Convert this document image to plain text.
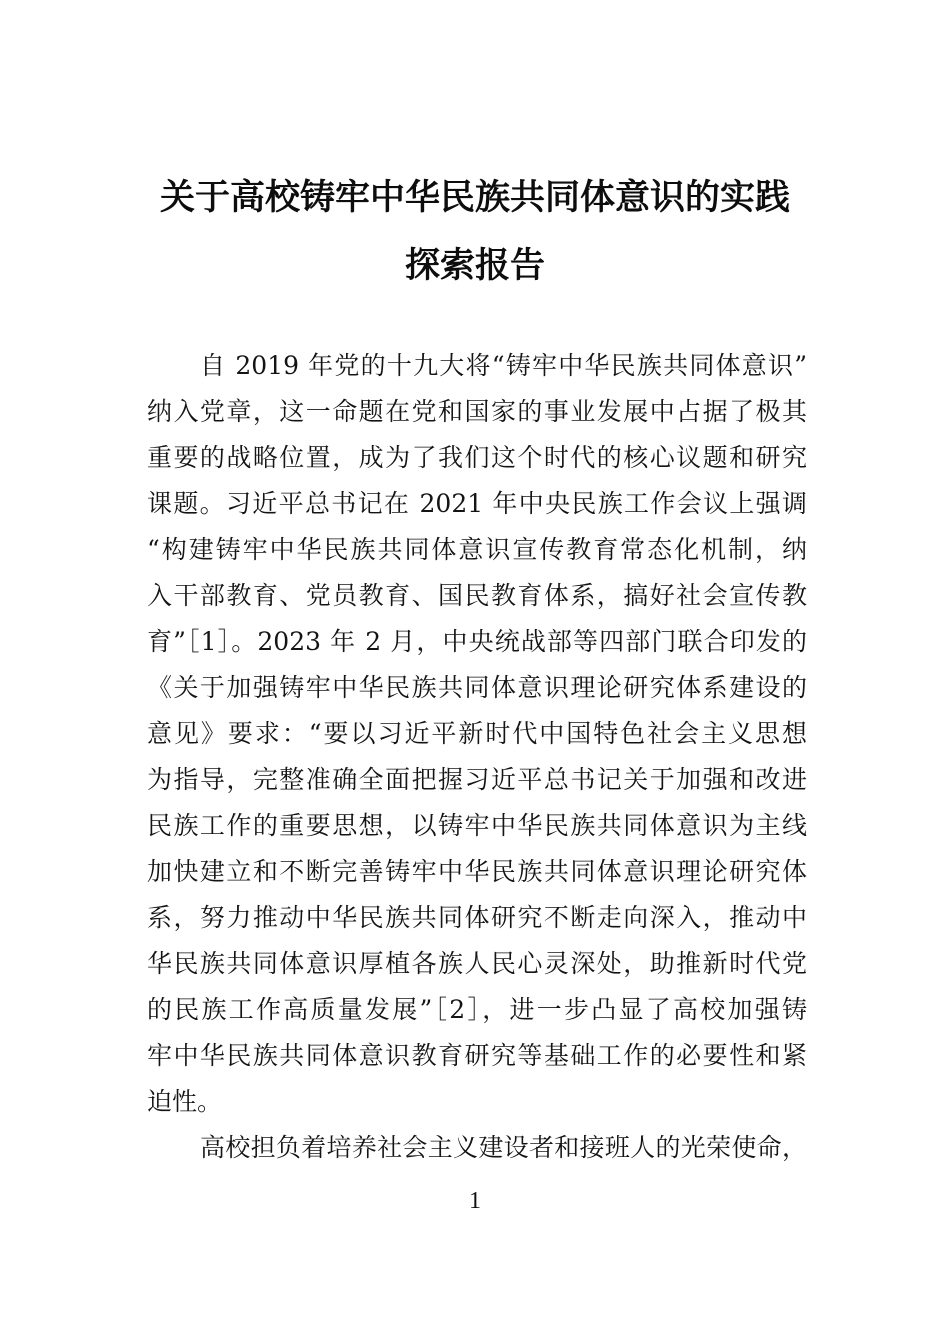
关于高校铸牢中华民族共同体意识的实践
探索报告
自 2019 年党的十九大将“铸牢中华民族共同体意识”
纳入党章，这一命题在党和国家的事业发展中占据了极其
重要的战略位置，成为了我们这个时代的核心议题和研究
课题。习近平总书记在 2021 年中央民族工作会议上强调
“构建铸牢中华民族共同体意识宣传教育常态化机制，纳
入干部教育、党员教育、国民教育体系，搞好社会宣传教
育”［1］。2023 年 2 月，中央统战部等四部门联合印发的
《关于加强铸牢中华民族共同体意识理论研究体系建设的
意见》要求：“要以习近平新时代中国特色社会主义思想
为指导，完整准确全面把握习近平总书记关于加强和改进
民族工作的重要思想，以铸牢中华民族共同体意识为主线
加快建立和不断完善铸牢中华民族共同体意识理论研究体
系，努力推动中华民族共同体研究不断走向深入，推动中
华民族共同体意识厚植各族人民心灵深处，助推新时代党
的民族工作高质量发展”［2］，进一步凸显了高校加强铸
牢中华民族共同体意识教育研究等基础工作的必要性和紧
迫性。
高校担负着培养社会主义建设者和接班人的光荣使命，
1
